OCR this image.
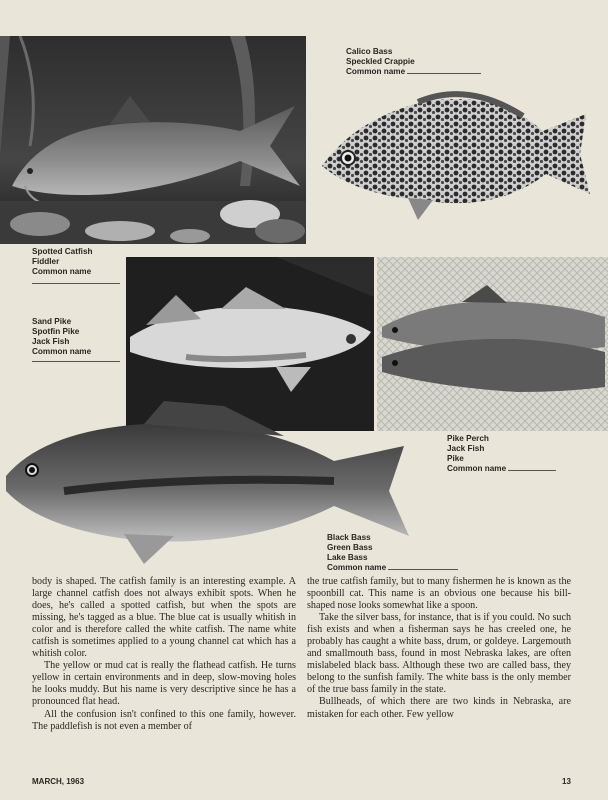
Calico Bass
Speckled Crappie
Common name
Spotted Catfish
Fiddler
Common name
Sand Pike
Spotfin Pike
Jack Fish
Common name
Pike Perch
Jack Fish
Pike
Common name
Black Bass
Green Bass
Lake Bass
Common name

body is shaped. The catfish family is an interesting example. A large channel catfish does not always exhibit spots. When he does, he's called a spotted catfish, but when the spots are missing, he's tagged as a blue. The blue cat is usually whitish in color and is therefore called the white catfish. The name white catfish is sometimes applied to a young channel cat which has a whitish color.

The yellow or mud cat is really the flathead catfish. He turns yellow in certain environments and in deep, slow-moving holes he looks muddy. But his name is very descriptive since he has a pronounced flat head.

All the confusion isn't confined to this one family, however. The paddlefish is not even a member of

the true catfish family, but to many fishermen he is known as the spoonbill cat. This name is an obvious one because his bill-shaped nose looks somewhat like a spoon.

Take the silver bass, for instance, that is if you could. No such fish exists and when a fisherman says he has creeled one, he probably has caught a white bass, drum, or goldeye. Largemouth and smallmouth bass, found in most Nebraska lakes, are often mislabeled black bass. Although these two are called bass, they belong to the sunfish family. The white bass is the only member of the true bass family in the state.

Bullheads, of which there are two kinds in Nebraska, are mistaken for each other. Few yellow

MARCH, 1963	13
